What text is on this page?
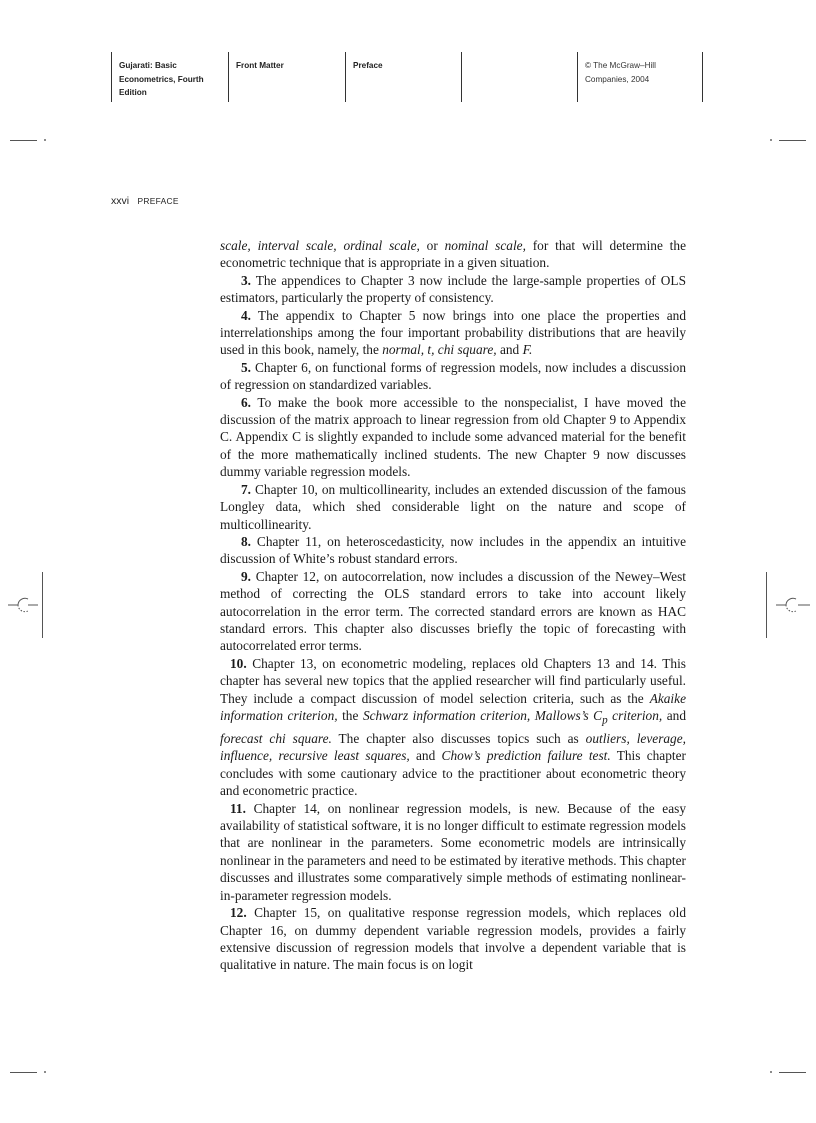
Gujarati: Basic
Econometrics, Fourth
Edition
Front Matter	Preface	© The McGraw–Hill
Companies, 2004
xxvi PREFACE

scale, interval scale, ordinal scale, or nominal scale, for that will determine the econometric technique that is appropriate in a given situation.

3. The appendices to Chapter 3 now include the large-sample properties of OLS estimators, particularly the property of consistency.

4. The appendix to Chapter 5 now brings into one place the properties and interrelationships among the four important probability distributions that are heavily used in this book, namely, the normal, t, chi square, and F.

5. Chapter 6, on functional forms of regression models, now includes a discussion of regression on standardized variables.

6. To make the book more accessible to the nonspecialist, I have moved the discussion of the matrix approach to linear regression from old Chapter 9 to Appendix C. Appendix C is slightly expanded to include some advanced material for the benefit of the more mathematically inclined students. The new Chapter 9 now discusses dummy variable regression models.

7. Chapter 10, on multicollinearity, includes an extended discussion of the famous Longley data, which shed considerable light on the nature and scope of multicollinearity.

8. Chapter 11, on heteroscedasticity, now includes in the appendix an intuitive discussion of White’s robust standard errors.

9. Chapter 12, on autocorrelation, now includes a discussion of the Newey–West method of correcting the OLS standard errors to take into account likely autocorrelation in the error term. The corrected standard errors are known as HAC standard errors. This chapter also discusses briefly the topic of forecasting with autocorrelated error terms.

10. Chapter 13, on econometric modeling, replaces old Chapters 13 and 14. This chapter has several new topics that the applied researcher will find particularly useful. They include a compact discussion of model selection criteria, such as the Akaike information criterion, the Schwarz information criterion, Mallows’s $C_p$ criterion, and forecast chi square. The chapter also discusses topics such as outliers, leverage, influence, recursive least squares, and Chow’s prediction failure test. This chapter concludes with some cautionary advice to the practitioner about econometric theory and econometric practice.

11. Chapter 14, on nonlinear regression models, is new. Because of the easy availability of statistical software, it is no longer difficult to estimate regression models that are nonlinear in the parameters. Some econometric models are intrinsically nonlinear in the parameters and need to be estimated by iterative methods. This chapter discusses and illustrates some comparatively simple methods of estimating nonlinear-in-parameter regression models.

12. Chapter 15, on qualitative response regression models, which replaces old Chapter 16, on dummy dependent variable regression models, provides a fairly extensive discussion of regression models that involve a dependent variable that is qualitative in nature. The main focus is on logit
